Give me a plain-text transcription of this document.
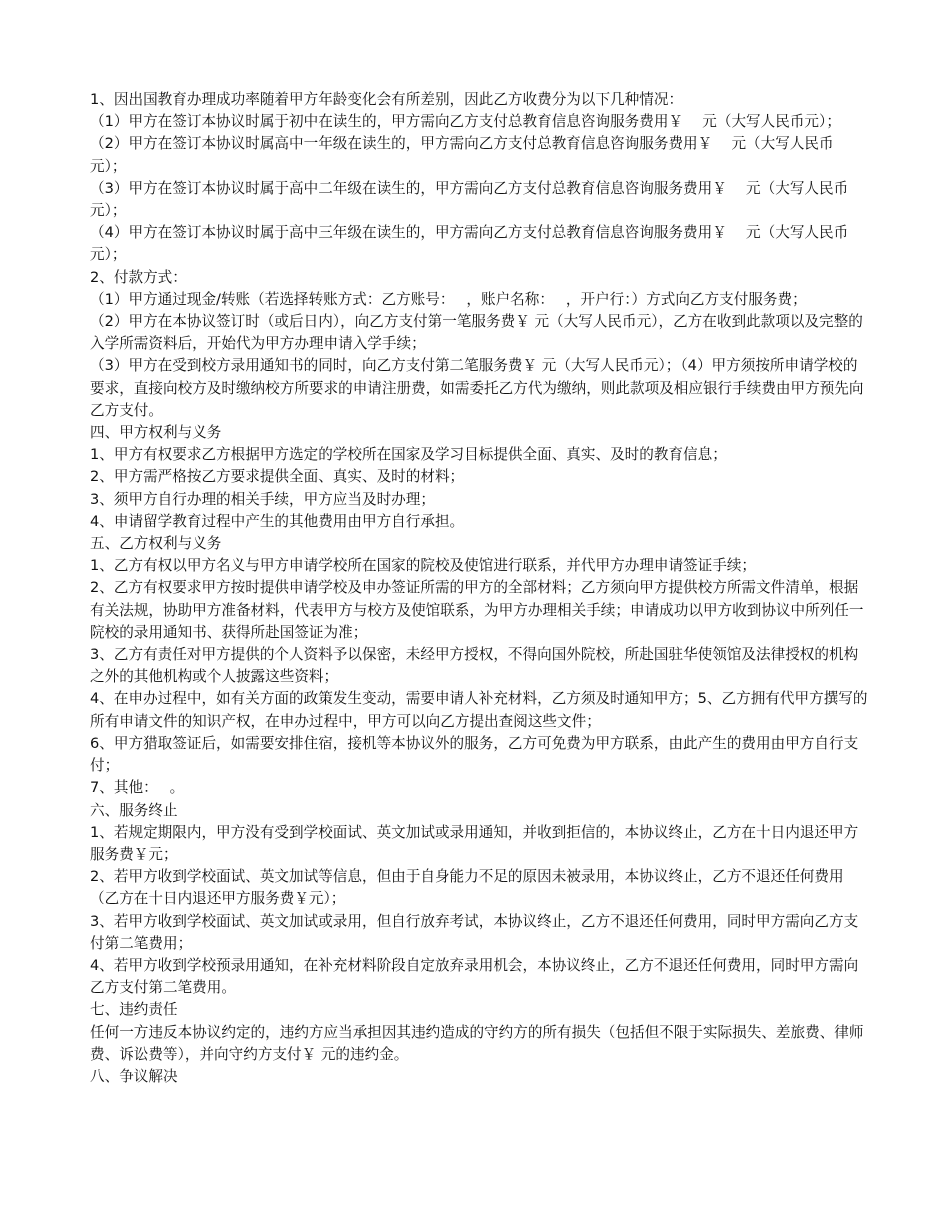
1、因出国教育办理成功率随着甲方年龄变化会有所差别，因此乙方收费分为以下几种情况：

（1）甲方在签订本协议时属于初中在读生的，甲方需向乙方支付总教育信息咨询服务费用￥　 元（大写人民币元）；

（2）甲方在签订本协议时属高中一年级在读生的，甲方需向乙方支付总教育信息咨询服务费用￥　 元（大写人民币元）；

（3）甲方在签订本协议时属于高中二年级在读生的，甲方需向乙方支付总教育信息咨询服务费用￥　 元（大写人民币元）；

（4）甲方在签订本协议时属于高中三年级在读生的，甲方需向乙方支付总教育信息咨询服务费用￥　 元（大写人民币　 元）；

2、付款方式：

（1）甲方通过现金/转账（若选择转账方式：乙方账号：　 ，账户名称：　 ，开户行：）方式向乙方支付服务费；

（2）甲方在本协议签订时（或后日内），向乙方支付第一笔服务费￥ 元（大写人民币元），乙方在收到此款项以及完整的入学所需资料后，开始代为甲方办理申请入学手续；

（3）甲方在受到校方录用通知书的同时，向乙方支付第二笔服务费￥ 元（大写人民币元）；（4）甲方须按所申请学校的要求，直接向校方及时缴纳校方所要求的申请注册费，如需委托乙方代为缴纳，则此款项及相应银行手续费由甲方预先向乙方支付。

四、甲方权利与义务

1、甲方有权要求乙方根据甲方选定的学校所在国家及学习目标提供全面、真实、及时的教育信息；

2、甲方需严格按乙方要求提供全面、真实、及时的材料；

3、须甲方自行办理的相关手续，甲方应当及时办理；

4、申请留学教育过程中产生的其他费用由甲方自行承担。

五、乙方权利与义务

1、乙方有权以甲方名义与甲方申请学校所在国家的院校及使馆进行联系，并代甲方办理申请签证手续；

2、乙方有权要求甲方按时提供申请学校及申办签证所需的甲方的全部材料；乙方须向甲方提供校方所需文件清单，根据有关法规，协助甲方准备材料，代表甲方与校方及使馆联系，为甲方办理相关手续；申请成功以甲方收到协议中所列任一院校的录用通知书、获得所赴国签证为准；

3、乙方有责任对甲方提供的个人资料予以保密，未经甲方授权，不得向国外院校，所赴国驻华使领馆及法律授权的机构之外的其他机构或个人披露这些资料；

4、在申办过程中，如有关方面的政策发生变动，需要申请人补充材料，乙方须及时通知甲方；5、乙方拥有代甲方撰写的所有申请文件的知识产权，在申办过程中，甲方可以向乙方提出查阅这些文件；

6、甲方猎取签证后，如需要安排住宿，接机等本协议外的服务，乙方可免费为甲方联系，由此产生的费用由甲方自行支付；

7、其他：　 。

六、服务终止

1、若规定期限内，甲方没有受到学校面试、英文加试或录用通知，并收到拒信的，本协议终止，乙方在十日内退还甲方服务费￥元；

2、若甲方收到学校面试、英文加试等信息，但由于自身能力不足的原因未被录用，本协议终止，乙方不退还任何费用（乙方在十日内退还甲方服务费￥元）；

3、若甲方收到学校面试、英文加试或录用，但自行放弃考试，本协议终止，乙方不退还任何费用，同时甲方需向乙方支付第二笔费用；

4、若甲方收到学校预录用通知，在补充材料阶段自定放弃录用机会，本协议终止，乙方不退还任何费用，同时甲方需向乙方支付第二笔费用。

七、违约责任

任何一方违反本协议约定的，违约方应当承担因其违约造成的守约方的所有损失（包括但不限于实际损失、差旅费、律师费、诉讼费等），并向守约方支付￥ 元的违约金。

八、争议解决
